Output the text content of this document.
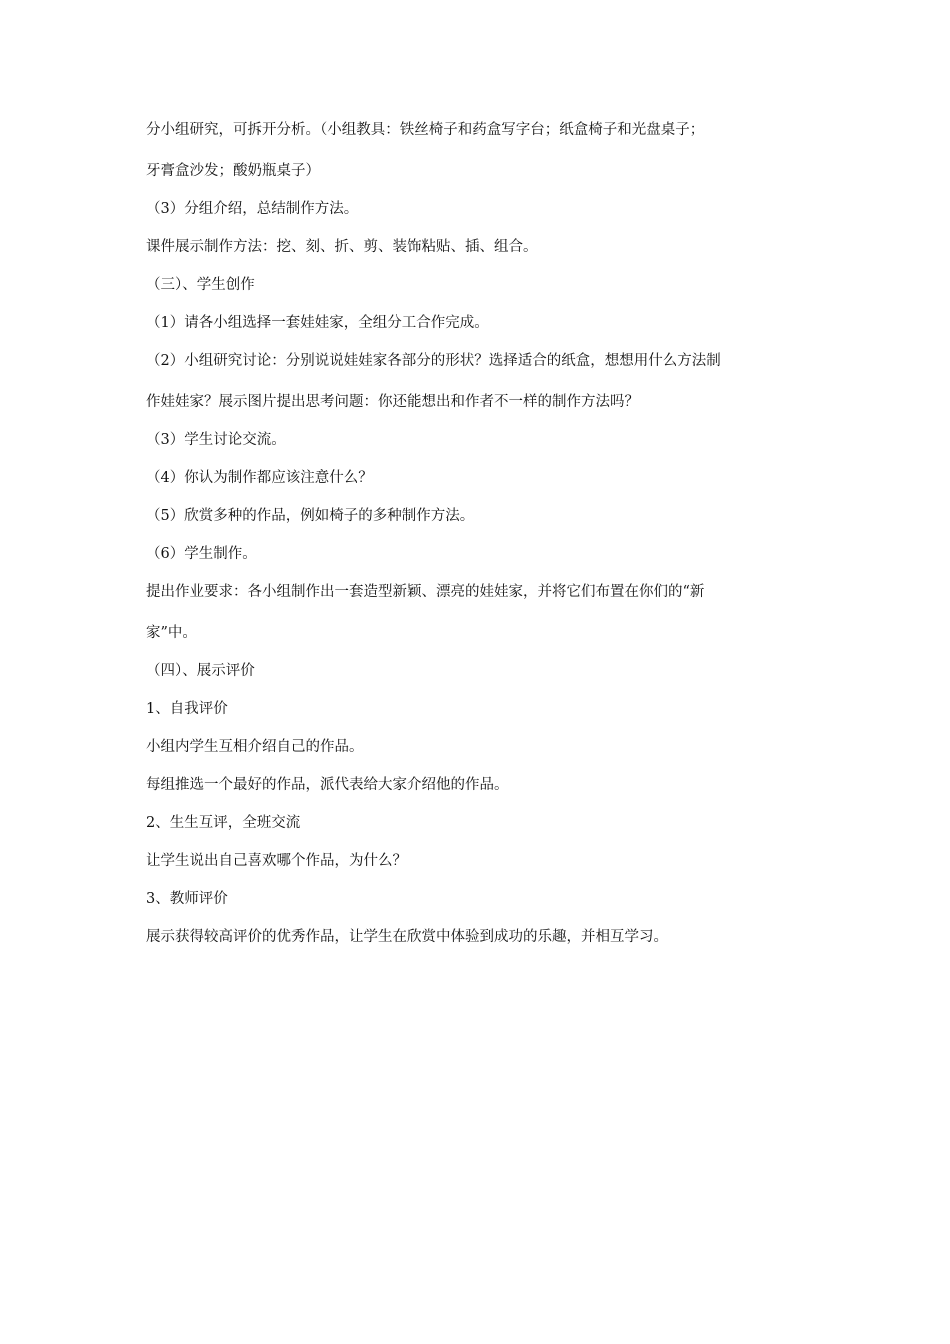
分小组研究，可拆开分析。（小组教具：铁丝椅子和药盒写字台；纸盒椅子和光盘桌子；

牙膏盒沙发；酸奶瓶桌子）

（3）分组介绍，总结制作方法。

课件展示制作方法：挖、刻、折、剪、装饰粘贴、插、组合。

（三）、学生创作

（1）请各小组选择一套娃娃家，全组分工合作完成。

（2）小组研究讨论：分别说说娃娃家各部分的形状？选择适合的纸盒，想想用什么方法制

作娃娃家？展示图片提出思考问题：你还能想出和作者不一样的制作方法吗？

（3）学生讨论交流。

（4）你认为制作都应该注意什么？

（5）欣赏多种的作品，例如椅子的多种制作方法。

（6）学生制作。

提出作业要求：各小组制作出一套造型新颖、漂亮的娃娃家，并将它们布置在你们的“新

家”中。

（四）、展示评价

1、自我评价

小组内学生互相介绍自己的作品。

每组推选一个最好的作品，派代表给大家介绍他的作品。

2、生生互评，全班交流

让学生说出自己喜欢哪个作品，为什么？

3、教师评价

展示获得较高评价的优秀作品，让学生在欣赏中体验到成功的乐趣，并相互学习。
